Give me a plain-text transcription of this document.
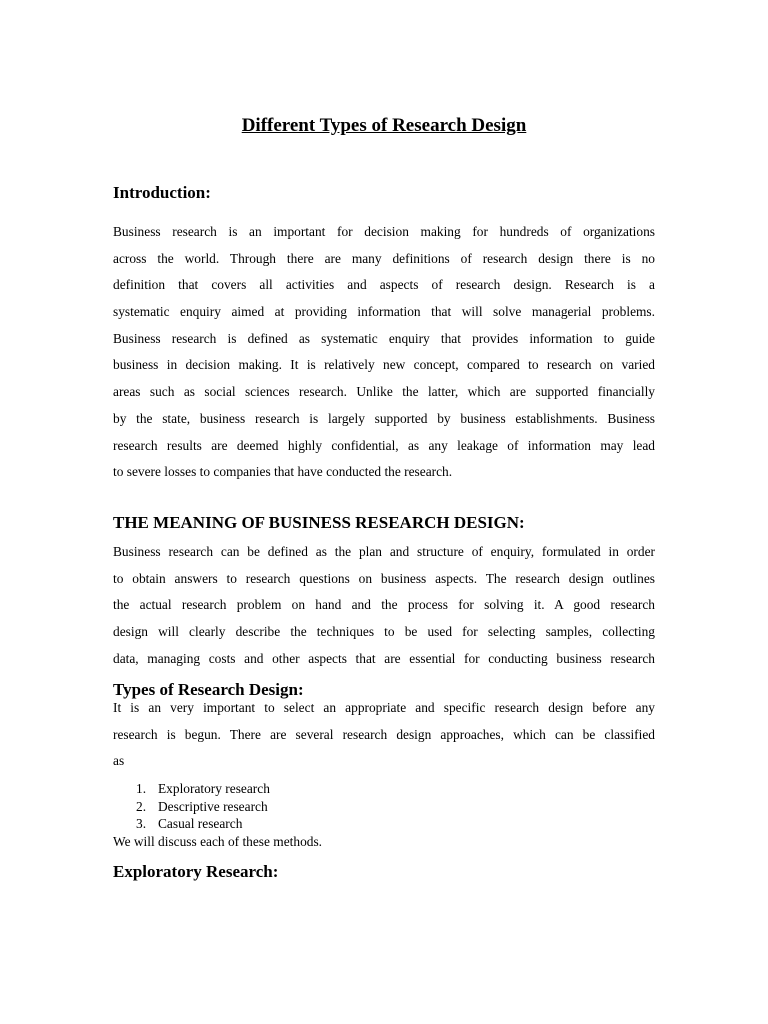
Different Types of Research Design
Introduction:
Business research is an important for decision making for hundreds of organizations
across the world. Through there are many definitions of research design there is no
definition that covers all activities and aspects of research design. Research is a
systematic enquiry aimed at providing information that will solve managerial problems.
Business research is defined as systematic enquiry that provides information to guide
business in decision making. It is relatively new concept, compared to research on varied
areas such as social sciences research. Unlike the latter, which are supported financially
by the state, business research is largely supported by business establishments. Business
research results are deemed highly confidential, as any leakage of information may lead
to severe losses to companies that have conducted the research.
THE MEANING OF BUSINESS RESEARCH DESIGN:
Business research can be defined as the plan and structure of enquiry, formulated in order
to obtain answers to research questions on business aspects. The research design outlines
the actual research problem on hand and the process for solving it. A good research
design will clearly describe the techniques to be used for selecting samples, collecting
data, managing costs and other aspects that are essential for conducting business research
Types of Research Design:
It is an very important to select an appropriate and specific research design before any
research is begun. There are several research design approaches, which can be classified
as
1. Exploratory research
2. Descriptive research
3. Casual research
We will discuss each of these methods.
Exploratory Research:
